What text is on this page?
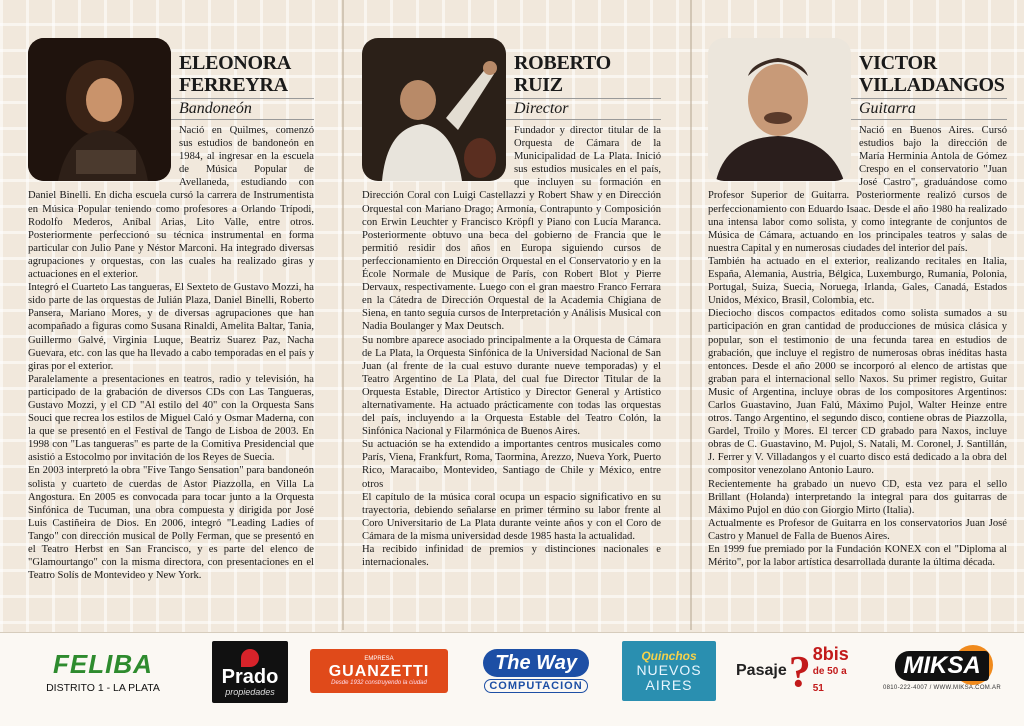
ELEONORA
FERREYRA
Bandoneón

Nació en Quilmes, comenzó sus estudios de bandoneón en 1984, al ingresar en la escuela de Música Popular de Avellaneda, estudiando con Daniel Binelli. En dicha escuela cursó la carrera de Instrumentista en Música Popular teniendo como profesores a Orlando Trípodi, Rodolfo Mederos, Aníbal Arias, Lito Valle, entre otros. Posteriormente perfeccionó su técnica instrumental en forma particular con Julio Pane y Néstor Marconi. Ha integrado diversas agrupaciones y orquestas, con las cuales ha realizado giras y actuaciones en el exterior.

Integró el Cuarteto Las tangueras, El Sexteto de Gustavo Mozzi, ha sido parte de las orquestas de Julián Plaza, Daniel Binelli, Roberto Pansera, Mariano Mores, y de diversas agrupaciones que han acompañado a figuras como Susana Rinaldi, Amelita Baltar, Tania, Guillermo Galvé, Virginia Luque, Beatriz Suarez Paz, Nacha Guevara, etc. con las que ha llevado a cabo temporadas en el país y giras por el exterior.

Paralelamente a presentaciones en teatros, radio y televisión, ha participado de la grabación de diversos CDs con Las Tangueras, Gustavo Mozzi, y el CD "Al estilo del 40" con la Orquesta Sans Souci que recrea los estilos de Miguel Caló y Osmar Maderna, con la que se presentó en el Festival de Tango de Lisboa de 2003. En 1998 con "Las tangueras" es parte de la Comitiva Presidencial que asistió a Estocolmo por invitación de los Reyes de Suecia.

En 2003 interpretó la obra "Five Tango Sensation" para bandoneón solista y cuarteto de cuerdas de Astor Piazzolla, en Villa La Angostura. En 2005 es convocada para tocar junto a la Orquesta Sinfónica de Tucuman, una obra compuesta y dirigida por José Luis Castiñeira de Dios. En 2006, integró "Leading Ladies of Tango" con dirección musical de Polly Ferman, que se presentó en el Teatro Herbst en San Francisco, y es parte del elenco de "Glamourtango" con la misma directora, con presentaciones en el Teatro Solís de Montevideo y New York.

ROBERTO
RUIZ
Director

Fundador y director titular de la Orquesta de Cámara de la Municipalidad de La Plata. Inició sus estudios musicales en el país, que incluyen su formación en Dirección Coral con Luigi Castellazzi y Robert Shaw y en Dirección Orquestal con Mariano Drago; Armonía, Contrapunto y Composición con Erwin Leuchter y Francisco Kröpfl y Piano con Lucía Maranca. Posteriormente obtuvo una beca del gobierno de Francia que le permitió residir dos años en Europa siguiendo cursos de perfeccionamiento en Dirección Orquestal en el Conservatorio y en la École Normale de Musique de París, con Robert Blot y Pierre Dervaux, respectivamente. Luego con el gran maestro Franco Ferrara en la Cátedra de Dirección Orquestal de la Academia Chigiana de Siena, en tanto seguía cursos de Interpretación y Análisis Musical con Nadia Boulanger y Max Deutsch.

Su nombre aparece asociado principalmente a la Orquesta de Cámara de La Plata, la Orquesta Sinfónica de la Universidad Nacional de San Juan (al frente de la cual estuvo durante nueve temporadas) y el Teatro Argentino de La Plata, del cual fue Director Titular de la Orquesta Estable, Director Artístico y Director General y Artístico alternativamente. Ha actuado prácticamente con todas las orquestas del país, incluyendo a la Orquesta Estable del Teatro Colón, la Sinfónica Nacional y Filarmónica de Buenos Aires.

Su actuación se ha extendido a importantes centros musicales como París, Viena, Frankfurt, Roma, Taormina, Arezzo, Nueva York, Puerto Rico, Maracaibo, Montevideo, Santiago de Chile y México, entre otros

El capítulo de la música coral ocupa un espacio significativo en su trayectoria, debiendo señalarse en primer término su labor frente al Coro Universitario de La Plata durante veinte años y con el Coro de Cámara de la misma universidad desde 1985 hasta la actualidad.

Ha recibido infinidad de premios y distinciones nacionales e internacionales.

VICTOR
VILLADANGOS
Guitarra

Nació en Buenos Aires. Cursó estudios bajo la dirección de María Herminia Antola de Gómez Crespo en el conservatorio "Juan José Castro", graduándose como Profesor Superior de Guitarra. Posteriormente realizó cursos de perfeccionamiento con Eduardo Isaac. Desde el año 1980 ha realizado una intensa labor como solista, y como integrante de conjuntos de Música de Cámara, actuando en los principales teatros y salas de nuestra Capital y en numerosas ciudades del interior del país.

También ha actuado en el exterior, realizando recitales en Italia, España, Alemania, Austria, Bélgica, Luxemburgo, Rumania, Polonia, Portugal, Suiza, Suecia, Noruega, Irlanda, Gales, Canadá, Estados Unidos, México, Brasil, Colombia, etc.

Dieciocho discos compactos editados como solista sumados a su participación en gran cantidad de producciones de música clásica y popular, son el testimonio de una fecunda tarea en estudios de grabación, que incluye el registro de numerosas obras inéditas hasta entonces. Desde el año 2000 se incorporó al elenco de artistas que graban para el internacional sello Naxos. Su primer registro, Guitar Music of Argentina, incluye obras de los compositores Argentinos: Carlos Guastavino, Juan Falú, Máximo Pujol, Walter Heinze entre otros. Tango Argentino, el segundo disco, contiene obras de Piazzolla, Gardel, Troilo y Mores. El tercer CD grabado para Naxos, incluye obras de C. Guastavino, M. Pujol, S. Natali, M. Coronel, J. Santillán, J. Ferrer y V. Villadangos y el cuarto disco está dedicado a la obra del compositor venezolano Antonio Lauro.

Recientemente ha grabado un nuevo CD, esta vez para el sello Brillant (Holanda) interpretando la integral para dos guitarras de Máximo Pujol en dúo con Giorgio Mirto (Italia).

Actualmente es Profesor de Guitarra en los conservatorios Juan José Castro y Manuel de Falla de Buenos Aires.

En 1999 fue premiado por la Fundación KONEX con el "Diploma al Mérito", por la labor artística desarrollada durante la última década.

FELIBA
DISTRITO 1 - LA PLATA	Prado
propiedades
EMPRESA
GUANZETTI
Desde 1932 construyendo la ciudad
The Way
COMPUTACION
Quinchos
NUEVOS AIRES
Pasaje ? 8bis
de 50 a 51
MIKSA
0810-222-4007 / WWW.MIKSA.COM.AR
